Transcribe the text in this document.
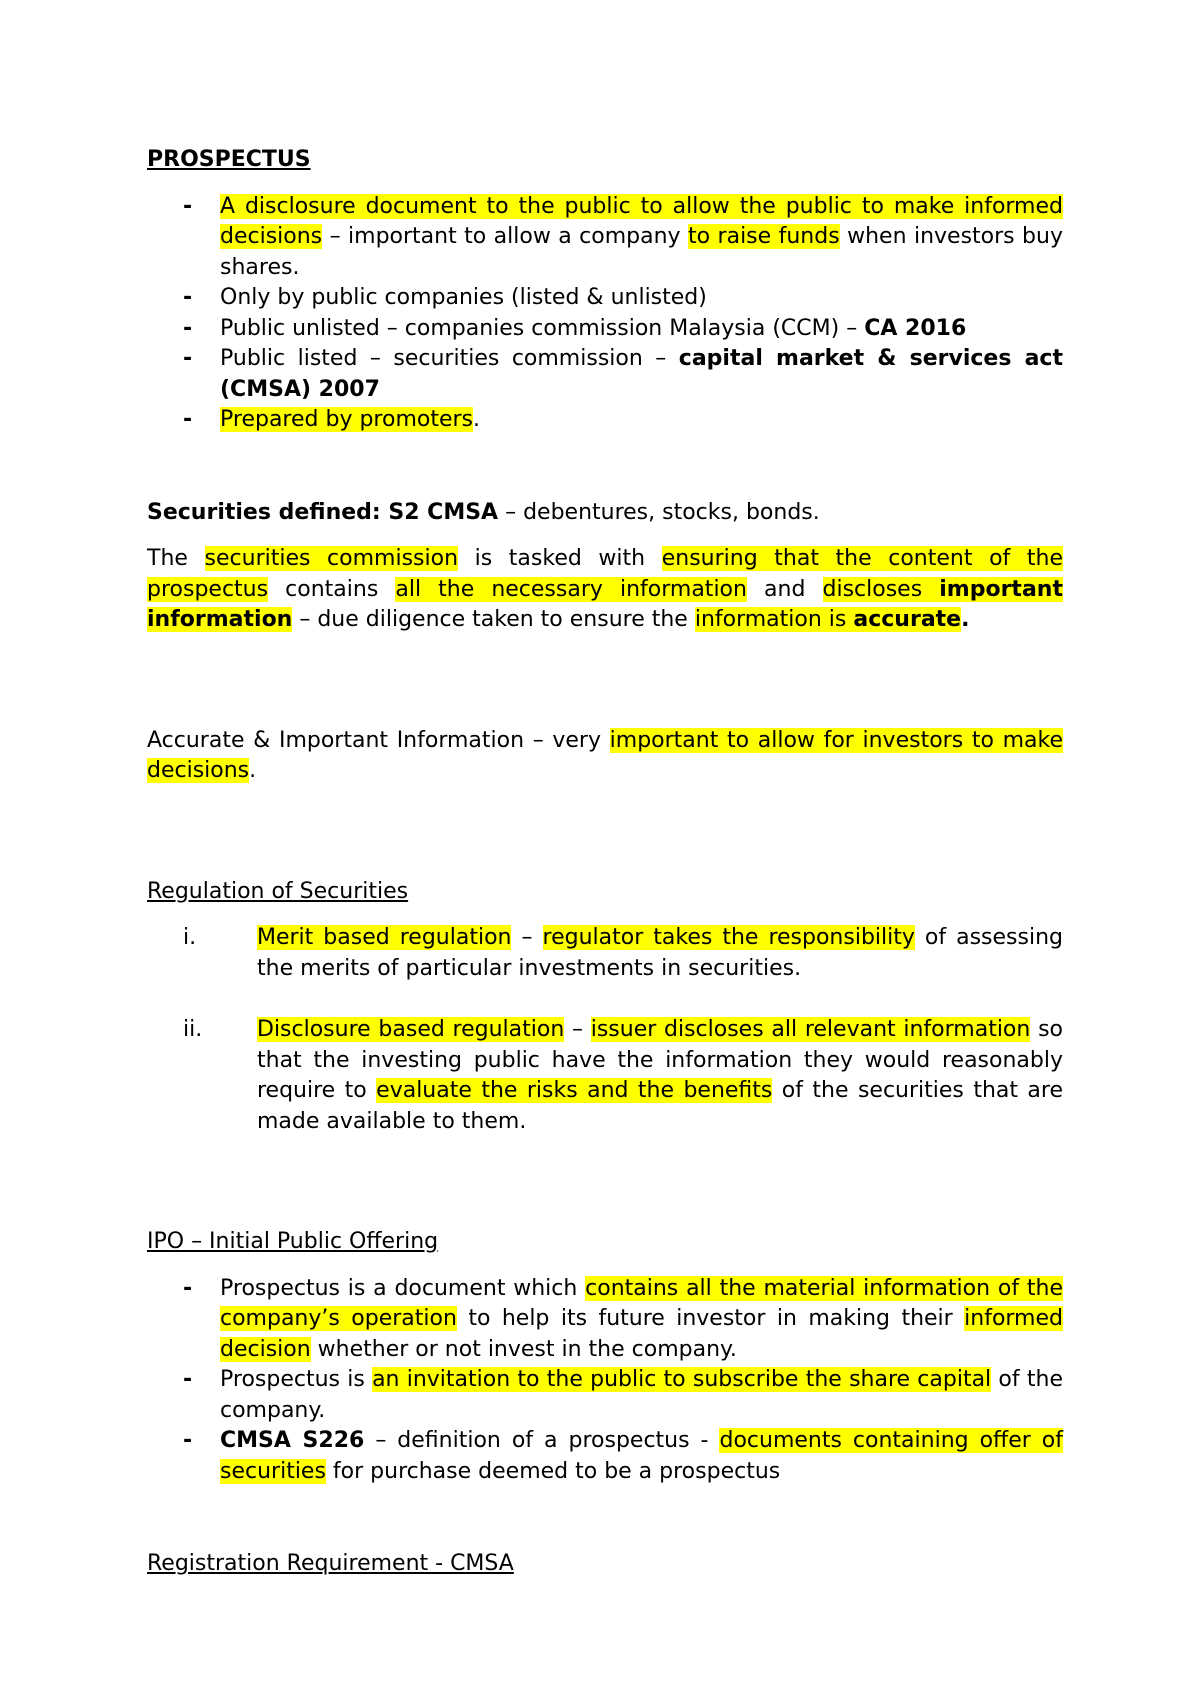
PROSPECTUS

- A disclosure document to the public to allow the public to make informed decisions – important to allow a company to raise funds when investors buy shares.
- Only by public companies (listed & unlisted)
- Public unlisted – companies commission Malaysia (CCM) – CA 2016
- Public listed – securities commission – capital market & services act (CMSA) 2007
- Prepared by promoters.

Securities defined: S2 CMSA – debentures, stocks, bonds.

The securities commission is tasked with ensuring that the content of the prospectus contains all the necessary information and discloses important information – due diligence taken to ensure the information is accurate.

Accurate & Important Information – very important to allow for investors to make decisions.

Regulation of Securities

i.	Merit based regulation – regulator takes the responsibility of assessing the merits of particular investments in securities.
ii. Disclosure based regulation – issuer discloses all relevant information so that the investing public have the information they would reasonably require to evaluate the risks and the benefits of the securities that are made available to them.

IPO – Initial Public Offering

- Prospectus is a document which contains all the material information of the company’s operation to help its future investor in making their informed decision whether or not invest in the company.
- Prospectus is an invitation to the public to subscribe the share capital of the company.
- CMSA S226 – definition of a prospectus - documents containing offer of securities for purchase deemed to be a prospectus

Registration Requirement - CMSA
